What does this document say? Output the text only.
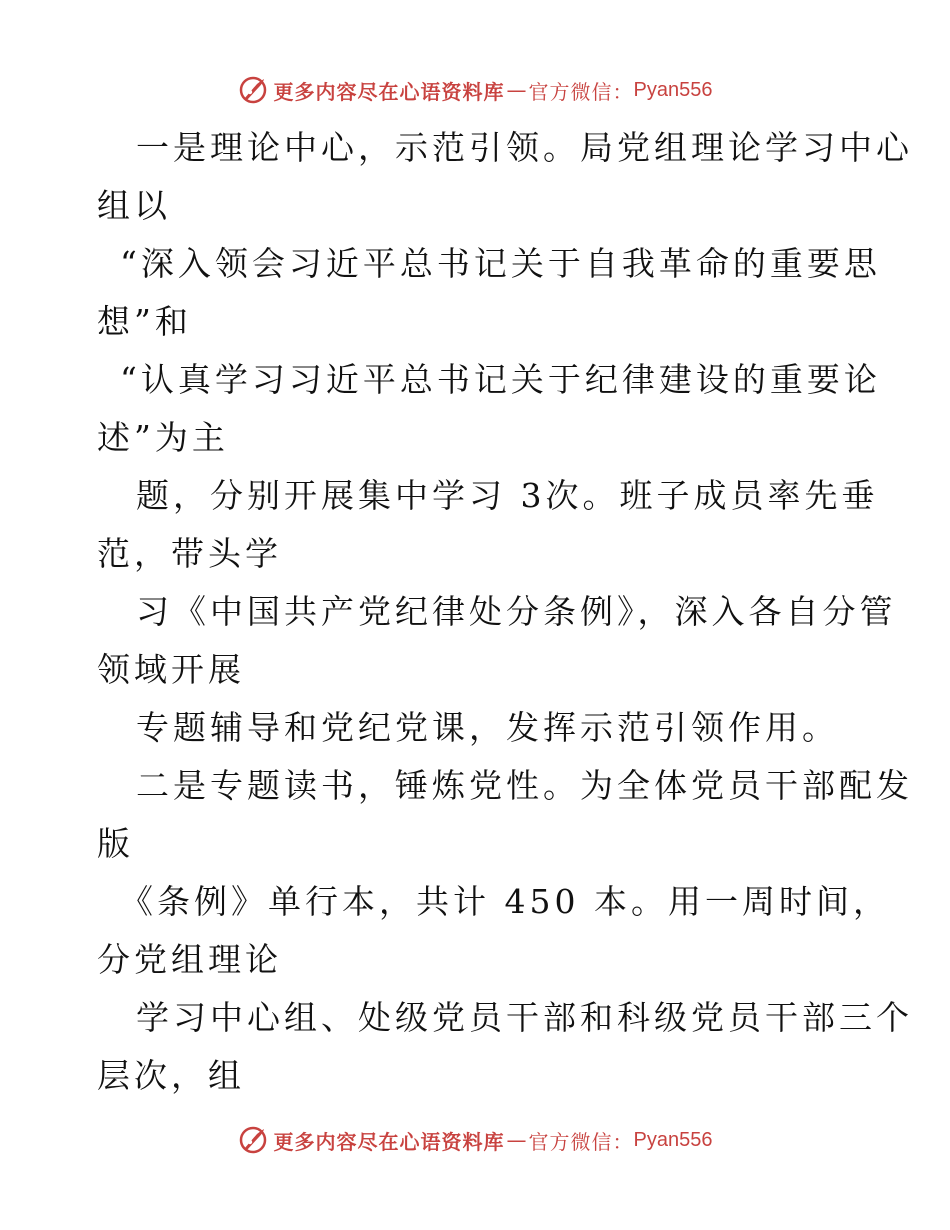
更多内容尽在心语资料库 — 官方微信： Pyan556
一是理论中心，示范引领。局党组理论学习中心
组以
“深入领会习近平总书记关于自我革命的重要思
想”和
“认真学习习近平总书记关于纪律建设的重要论
述”为主
题，分别开展集中学习 3次。班子成员率先垂
范，带头学
习《中国共产党纪律处分条例》，深入各自分管
领域开展
专题辅导和党纪党课，发挥示范引领作用。
二是专题读书，锤炼党性。为全体党员干部配发
版
《条例》单行本，共计 450 本。用一周时间，
分党组理论
学习中心组、处级党员干部和科级党员干部三个
层次，组
更多内容尽在心语资料库 — 官方微信： Pyan556
